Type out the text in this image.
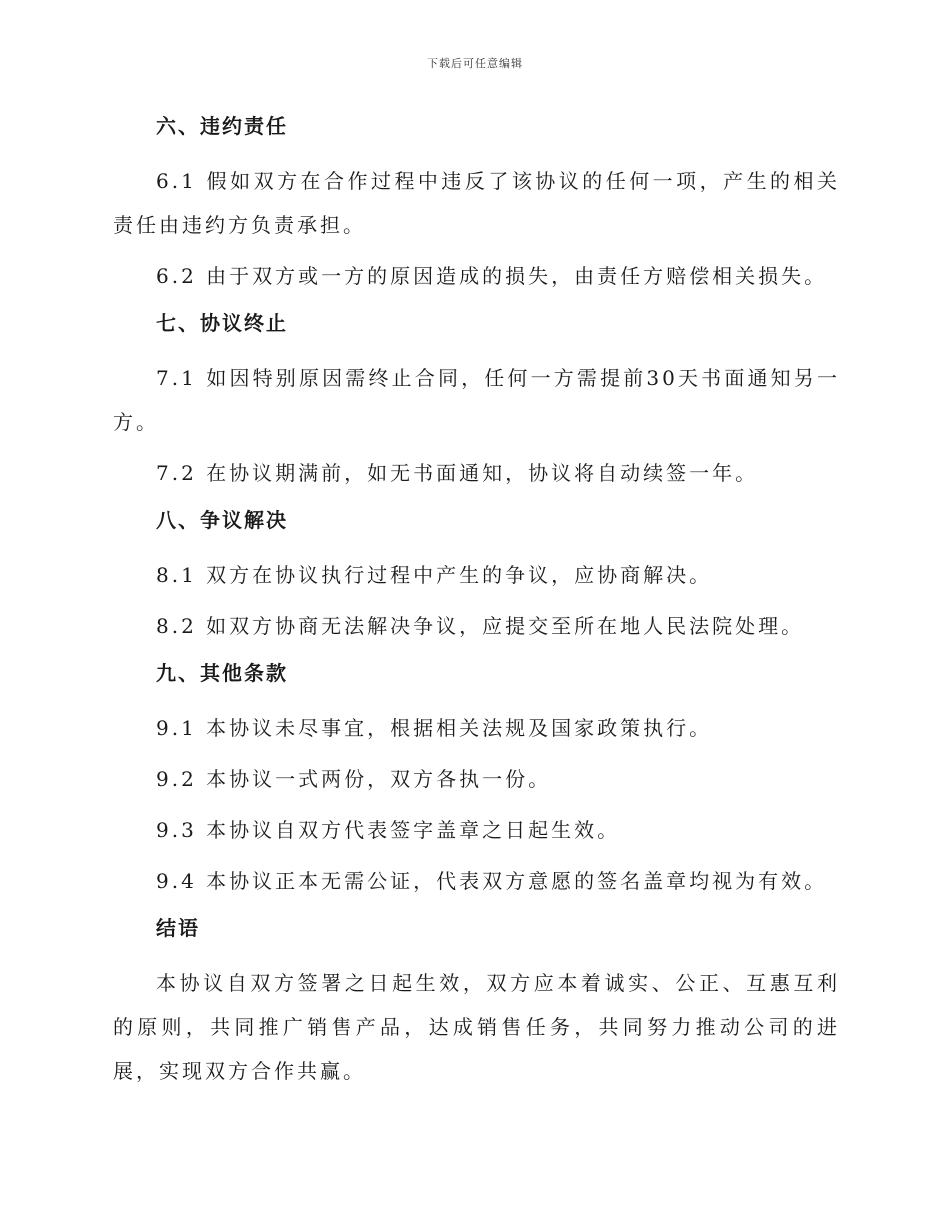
下载后可任意编辑
六、违约责任

6.1 假如双方在合作过程中违反了该协议的任何一项，产生的相关责任由违约方负责承担。

6.2 由于双方或一方的原因造成的损失，由责任方赔偿相关损失。

七、协议终止

7.1 如因特别原因需终止合同，任何一方需提前30天书面通知另一方。

7.2 在协议期满前，如无书面通知，协议将自动续签一年。

八、争议解决

8.1 双方在协议执行过程中产生的争议，应协商解决。

8.2 如双方协商无法解决争议，应提交至所在地人民法院处理。

九、其他条款

9.1 本协议未尽事宜，根据相关法规及国家政策执行。

9.2 本协议一式两份，双方各执一份。

9.3 本协议自双方代表签字盖章之日起生效。

9.4 本协议正本无需公证，代表双方意愿的签名盖章均视为有效。

结语

本协议自双方签署之日起生效，双方应本着诚实、公正、互惠互利的原则，共同推广销售产品，达成销售任务，共同努力推动公司的进展，实现双方合作共赢。
